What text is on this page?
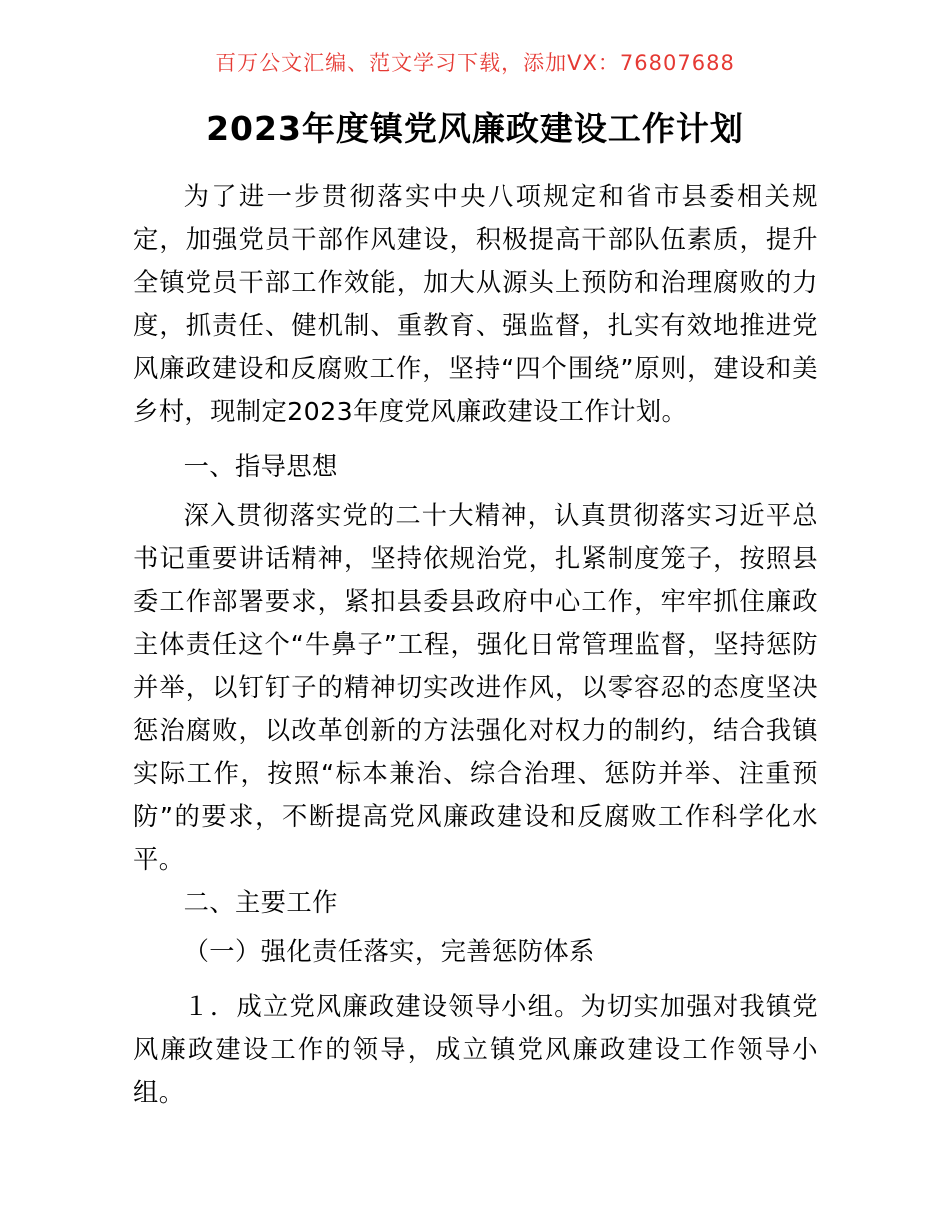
百万公文汇编、范文学习下载，添加VX：76807688
2023年度镇党风廉政建设工作计划

为了进一步贯彻落实中央八项规定和省市县委相关规定，加强党员干部作风建设，积极提高干部队伍素质，提升全镇党员干部工作效能，加大从源头上预防和治理腐败的力度，抓责任、健机制、重教育、强监督，扎实有效地推进党风廉政建设和反腐败工作，坚持“四个围绕”原则，建设和美乡村，现制定2023年度党风廉政建设工作计划。

一、指导思想

深入贯彻落实党的二十大精神，认真贯彻落实习近平总书记重要讲话精神，坚持依规治党，扎紧制度笼子，按照县委工作部署要求，紧扣县委县政府中心工作，牢牢抓住廉政主体责任这个“牛鼻子”工程，强化日常管理监督，坚持惩防并举，以钉钉子的精神切实改进作风，以零容忍的态度坚决惩治腐败，以改革创新的方法强化对权力的制约，结合我镇实际工作，按照“标本兼治、综合治理、惩防并举、注重预防”的要求，不断提高党风廉政建设和反腐败工作科学化水平。

二、主要工作

（一）强化责任落实，完善惩防体系

１．成立党风廉政建设领导小组。为切实加强对我镇党风廉政建设工作的领导，成立镇党风廉政建设工作领导小组。
